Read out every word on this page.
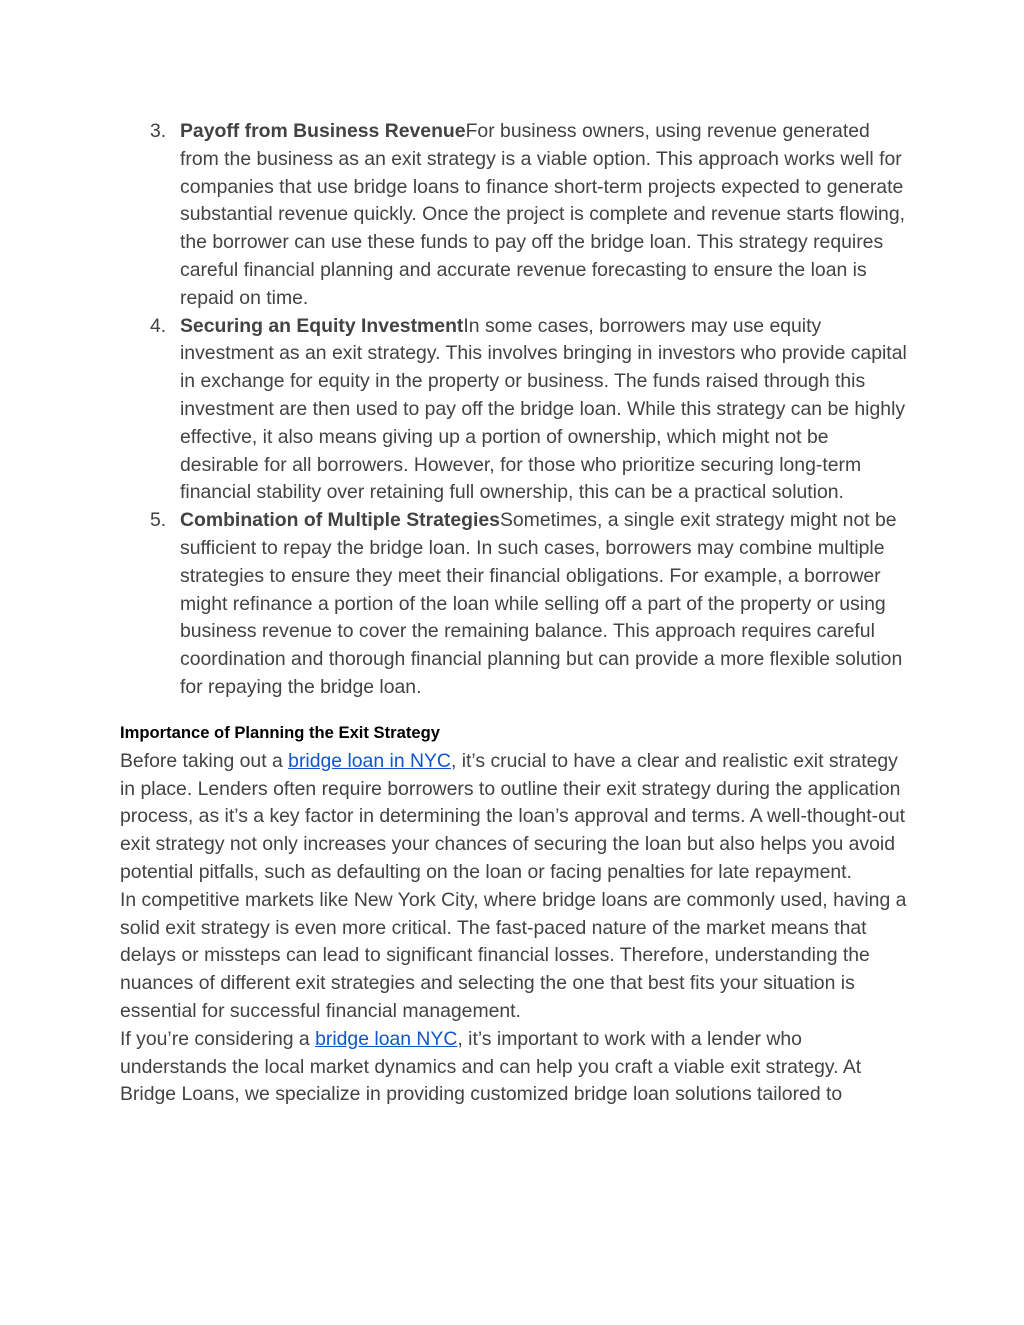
3. Payoff from Business RevenueFor business owners, using revenue generated from the business as an exit strategy is a viable option. This approach works well for companies that use bridge loans to finance short-term projects expected to generate substantial revenue quickly. Once the project is complete and revenue starts flowing, the borrower can use these funds to pay off the bridge loan. This strategy requires careful financial planning and accurate revenue forecasting to ensure the loan is repaid on time.
4. Securing an Equity InvestmentIn some cases, borrowers may use equity investment as an exit strategy. This involves bringing in investors who provide capital in exchange for equity in the property or business. The funds raised through this investment are then used to pay off the bridge loan. While this strategy can be highly effective, it also means giving up a portion of ownership, which might not be desirable for all borrowers. However, for those who prioritize securing long-term financial stability over retaining full ownership, this can be a practical solution.
5. Combination of Multiple StrategiesSometimes, a single exit strategy might not be sufficient to repay the bridge loan. In such cases, borrowers may combine multiple strategies to ensure they meet their financial obligations. For example, a borrower might refinance a portion of the loan while selling off a part of the property or using business revenue to cover the remaining balance. This approach requires careful coordination and thorough financial planning but can provide a more flexible solution for repaying the bridge loan.
Importance of Planning the Exit Strategy

Before taking out a bridge loan in NYC, it’s crucial to have a clear and realistic exit strategy in place. Lenders often require borrowers to outline their exit strategy during the application process, as it’s a key factor in determining the loan’s approval and terms. A well-thought-out exit strategy not only increases your chances of securing the loan but also helps you avoid potential pitfalls, such as defaulting on the loan or facing penalties for late repayment.

In competitive markets like New York City, where bridge loans are commonly used, having a solid exit strategy is even more critical. The fast-paced nature of the market means that delays or missteps can lead to significant financial losses. Therefore, understanding the nuances of different exit strategies and selecting the one that best fits your situation is essential for successful financial management.

If you’re considering a bridge loan NYC, it’s important to work with a lender who understands the local market dynamics and can help you craft a viable exit strategy. At Bridge Loans, we specialize in providing customized bridge loan solutions tailored to
